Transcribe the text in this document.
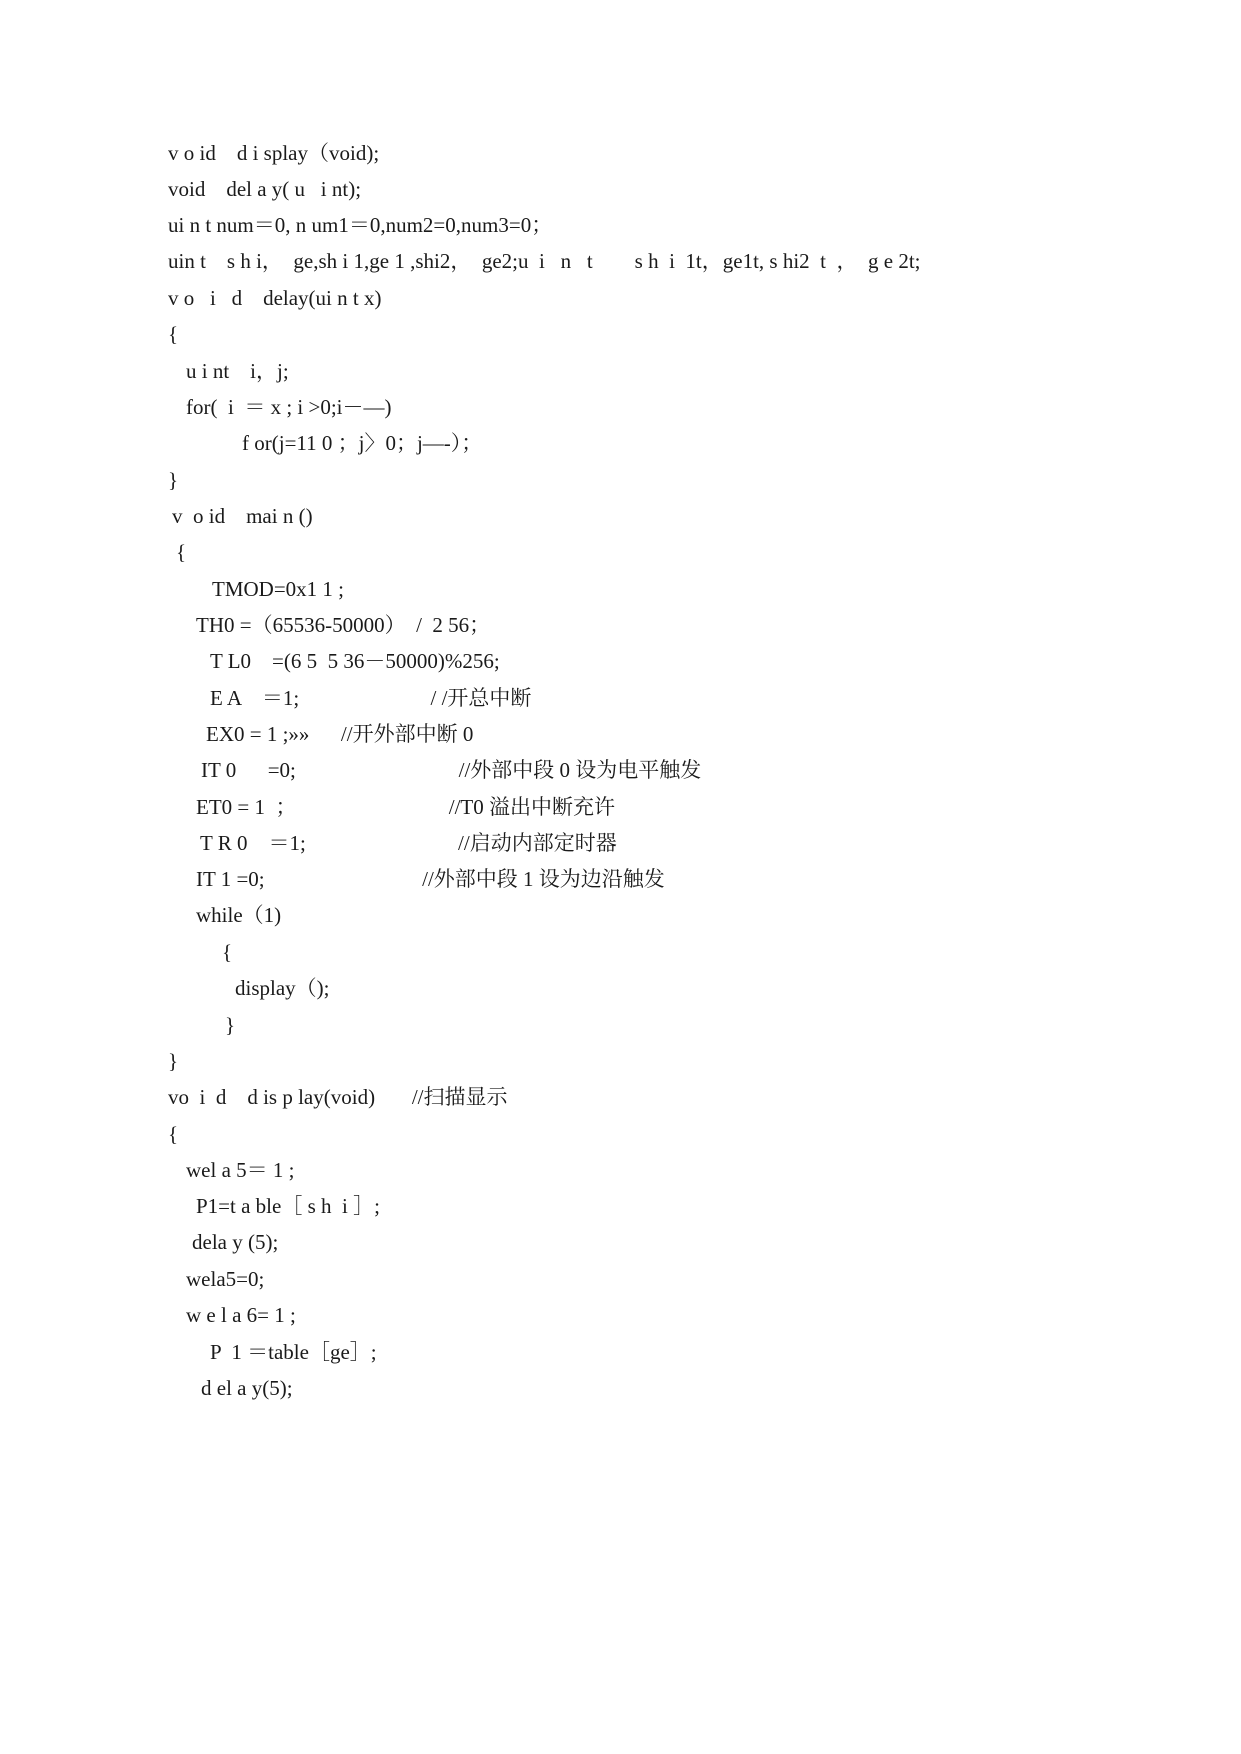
v o id    d i splay（void);
void    del a y( u   i nt);
ui n t num＝0, n um1＝0,num2=0,num3=0；
uin t    s h i，  ge,sh i 1,ge 1 ,shi2，  ge2;u  i   n   t        s h  i  1t，ge1t, s hi2  t  ，  g e 2t;
v o   i   d    delay(ui n t x)
{
u i nt    i，j;
for(  i  ＝ x ; i >0;i－—)
f or(j=11 0 ；j〉0；j—-）；
}
v  o id    mai n ()
{
TMOD=0x1 1 ;
TH0 =（65536-50000）  /  2 56；
T L0    =(6 5  5 36－50000)%256;
E A    ＝1;                         / /开总中断
EX0 = 1 ;»»      //开外部中断 0
IT 0      =0;                               //外部中段 0 设为电平触发
ET0 = 1  ；                             //T0 溢出中断充许
T R 0    ＝1;                             //启动内部定时器
IT 1 =0;                              //外部中段 1 设为边沿触发
while（1)
{
display（);
}
}
vo  i  d    d is p lay(void)       //扫描显示
{
wel a 5＝ 1 ;
P1=t a ble［ s h  i ］;
dela y (5);
wela5=0;
w e l a 6= 1 ;
P  1 ＝table［ge］;
d el a y(5);
